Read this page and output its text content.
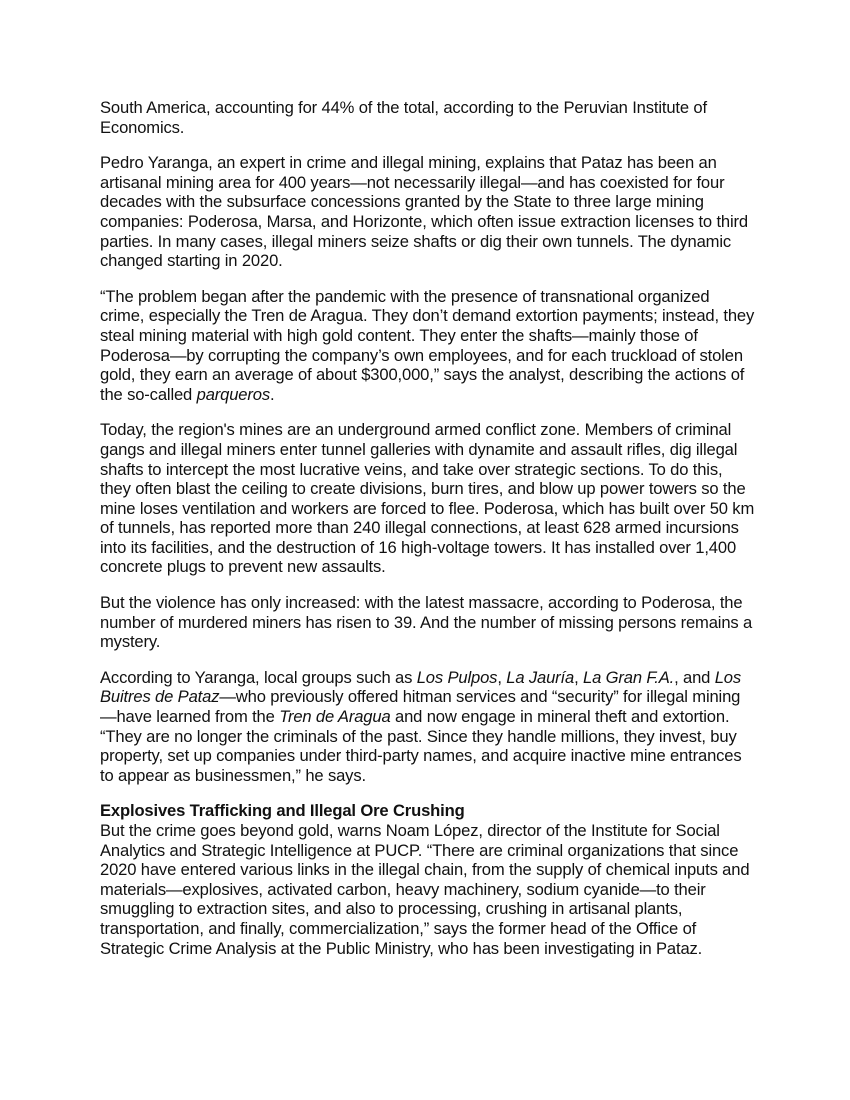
South America, accounting for 44% of the total, according to the Peruvian Institute of Economics.

Pedro Yaranga, an expert in crime and illegal mining, explains that Pataz has been an artisanal mining area for 400 years—not necessarily illegal—and has coexisted for four decades with the subsurface concessions granted by the State to three large mining companies: Poderosa, Marsa, and Horizonte, which often issue extraction licenses to third parties. In many cases, illegal miners seize shafts or dig their own tunnels. The dynamic changed starting in 2020.

“The problem began after the pandemic with the presence of transnational organized crime, especially the Tren de Aragua. They don’t demand extortion payments; instead, they steal mining material with high gold content. They enter the shafts—mainly those of Poderosa—by corrupting the company’s own employees, and for each truckload of stolen gold, they earn an average of about $300,000,” says the analyst, describing the actions of the so-called parqueros.

Today, the region's mines are an underground armed conflict zone. Members of criminal gangs and illegal miners enter tunnel galleries with dynamite and assault rifles, dig illegal shafts to intercept the most lucrative veins, and take over strategic sections. To do this, they often blast the ceiling to create divisions, burn tires, and blow up power towers so the mine loses ventilation and workers are forced to flee. Poderosa, which has built over 50 km of tunnels, has reported more than 240 illegal connections, at least 628 armed incursions into its facilities, and the destruction of 16 high-voltage towers. It has installed over 1,400 concrete plugs to prevent new assaults.

But the violence has only increased: with the latest massacre, according to Poderosa, the number of murdered miners has risen to 39. And the number of missing persons remains a mystery.

According to Yaranga, local groups such as Los Pulpos, La Jauría, La Gran F.A., and Los Buitres de Pataz—who previously offered hitman services and “security” for illegal mining—have learned from the Tren de Aragua and now engage in mineral theft and extortion. “They are no longer the criminals of the past. Since they handle millions, they invest, buy property, set up companies under third-party names, and acquire inactive mine entrances to appear as businessmen,” he says.

Explosives Trafficking and Illegal Ore Crushing

But the crime goes beyond gold, warns Noam López, director of the Institute for Social Analytics and Strategic Intelligence at PUCP. “There are criminal organizations that since 2020 have entered various links in the illegal chain, from the supply of chemical inputs and materials—explosives, activated carbon, heavy machinery, sodium cyanide—to their smuggling to extraction sites, and also to processing, crushing in artisanal plants, transportation, and finally, commercialization,” says the former head of the Office of Strategic Crime Analysis at the Public Ministry, who has been investigating in Pataz.
